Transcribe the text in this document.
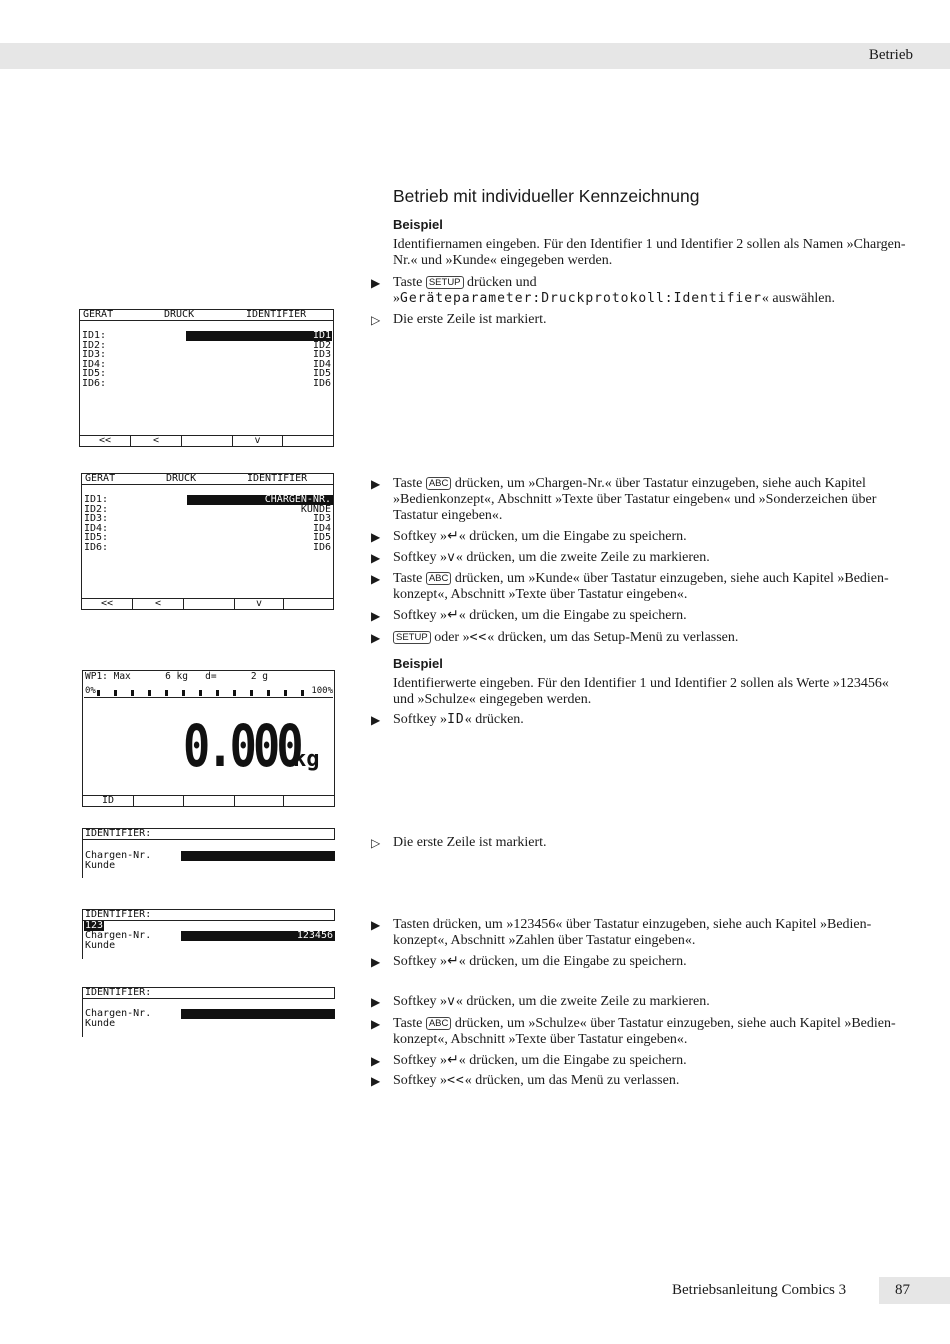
Betrieb
Betrieb mit individueller Kennzeichnung
Beispiel
Identifiernamen eingeben. Für den Identifier 1 und Identifier 2 sollen als Namen »Chargen-Nr.« und »Kunde« eingegeben werden.
▶ Taste SETUP drücken und »Geräteparameter:Druckprotokoll:Identifier« auswählen.
▷ Die erste Zeile ist markiert.
GERÄT	DRUCK	IDENTIFIER
ID1:	ID1
ID2:	ID2
ID3:	ID3
ID4:	ID4
ID5:	ID5
ID6:	ID6
<<	<	v
GERÄT	DRUCK	IDENTIFIER
ID1:	CHARGEN-NR.
ID2:	KUNDE
ID3:	ID3
ID4:	ID4
ID5:	ID5
ID6:	ID6
<<	<	v
▶ Taste ABC drücken, um »Chargen-Nr.« über Tastatur einzugeben, siehe auch Kapitel »Bedienkonzept«, Abschnitt »Texte über Tastatur eingeben« und »Sonderzeichen über Tastatur eingeben«.
▶ Softkey »↵« drücken, um die Eingabe zu speichern.
▶ Softkey »v« drücken, um die zweite Zeile zu markieren.
▶ Taste ABC drücken, um »Kunde« über Tastatur einzugeben, siehe auch Kapitel »Bedienkonzept«, Abschnitt »Texte über Tastatur eingeben«.
▶ Softkey »↵« drücken, um die Eingabe zu speichern.
▶	SETUP oder »<<« drücken, um das Setup-Menü zu verlassen.
Beispiel
Identifierwerte eingeben. Für den Identifier 1 und Identifier 2 sollen als Werte »123456« und »Schulze« eingegeben werden.
▶ Softkey »ID« drücken.
WP1: Max      6 kg   d=      2 g
0%	100%
0.000
kg
ID
IDENTIFIER:
Chargen-Nr.
Kunde
▷ Die erste Zeile ist markiert.
IDENTIFIER:
123
Chargen-Nr.	123456
Kunde
▶ Tasten drücken, um »123456« über Tastatur einzugeben, siehe auch Kapitel »Bedienkonzept«, Abschnitt »Zahlen über Tastatur eingeben«.
▶ Softkey »↵« drücken, um die Eingabe zu speichern.
IDENTIFIER:
Chargen-Nr.
Kunde
▶ Softkey »v« drücken, um die zweite Zeile zu markieren.
▶ Taste ABC drücken, um »Schulze« über Tastatur einzugeben, siehe auch Kapitel »Bedienkonzept«, Abschnitt »Texte über Tastatur eingeben«.
▶ Softkey »↵« drücken, um die Eingabe zu speichern.
▶ Softkey »<<« drücken, um das Menü zu verlassen.
Betriebsanleitung Combics 3	87
